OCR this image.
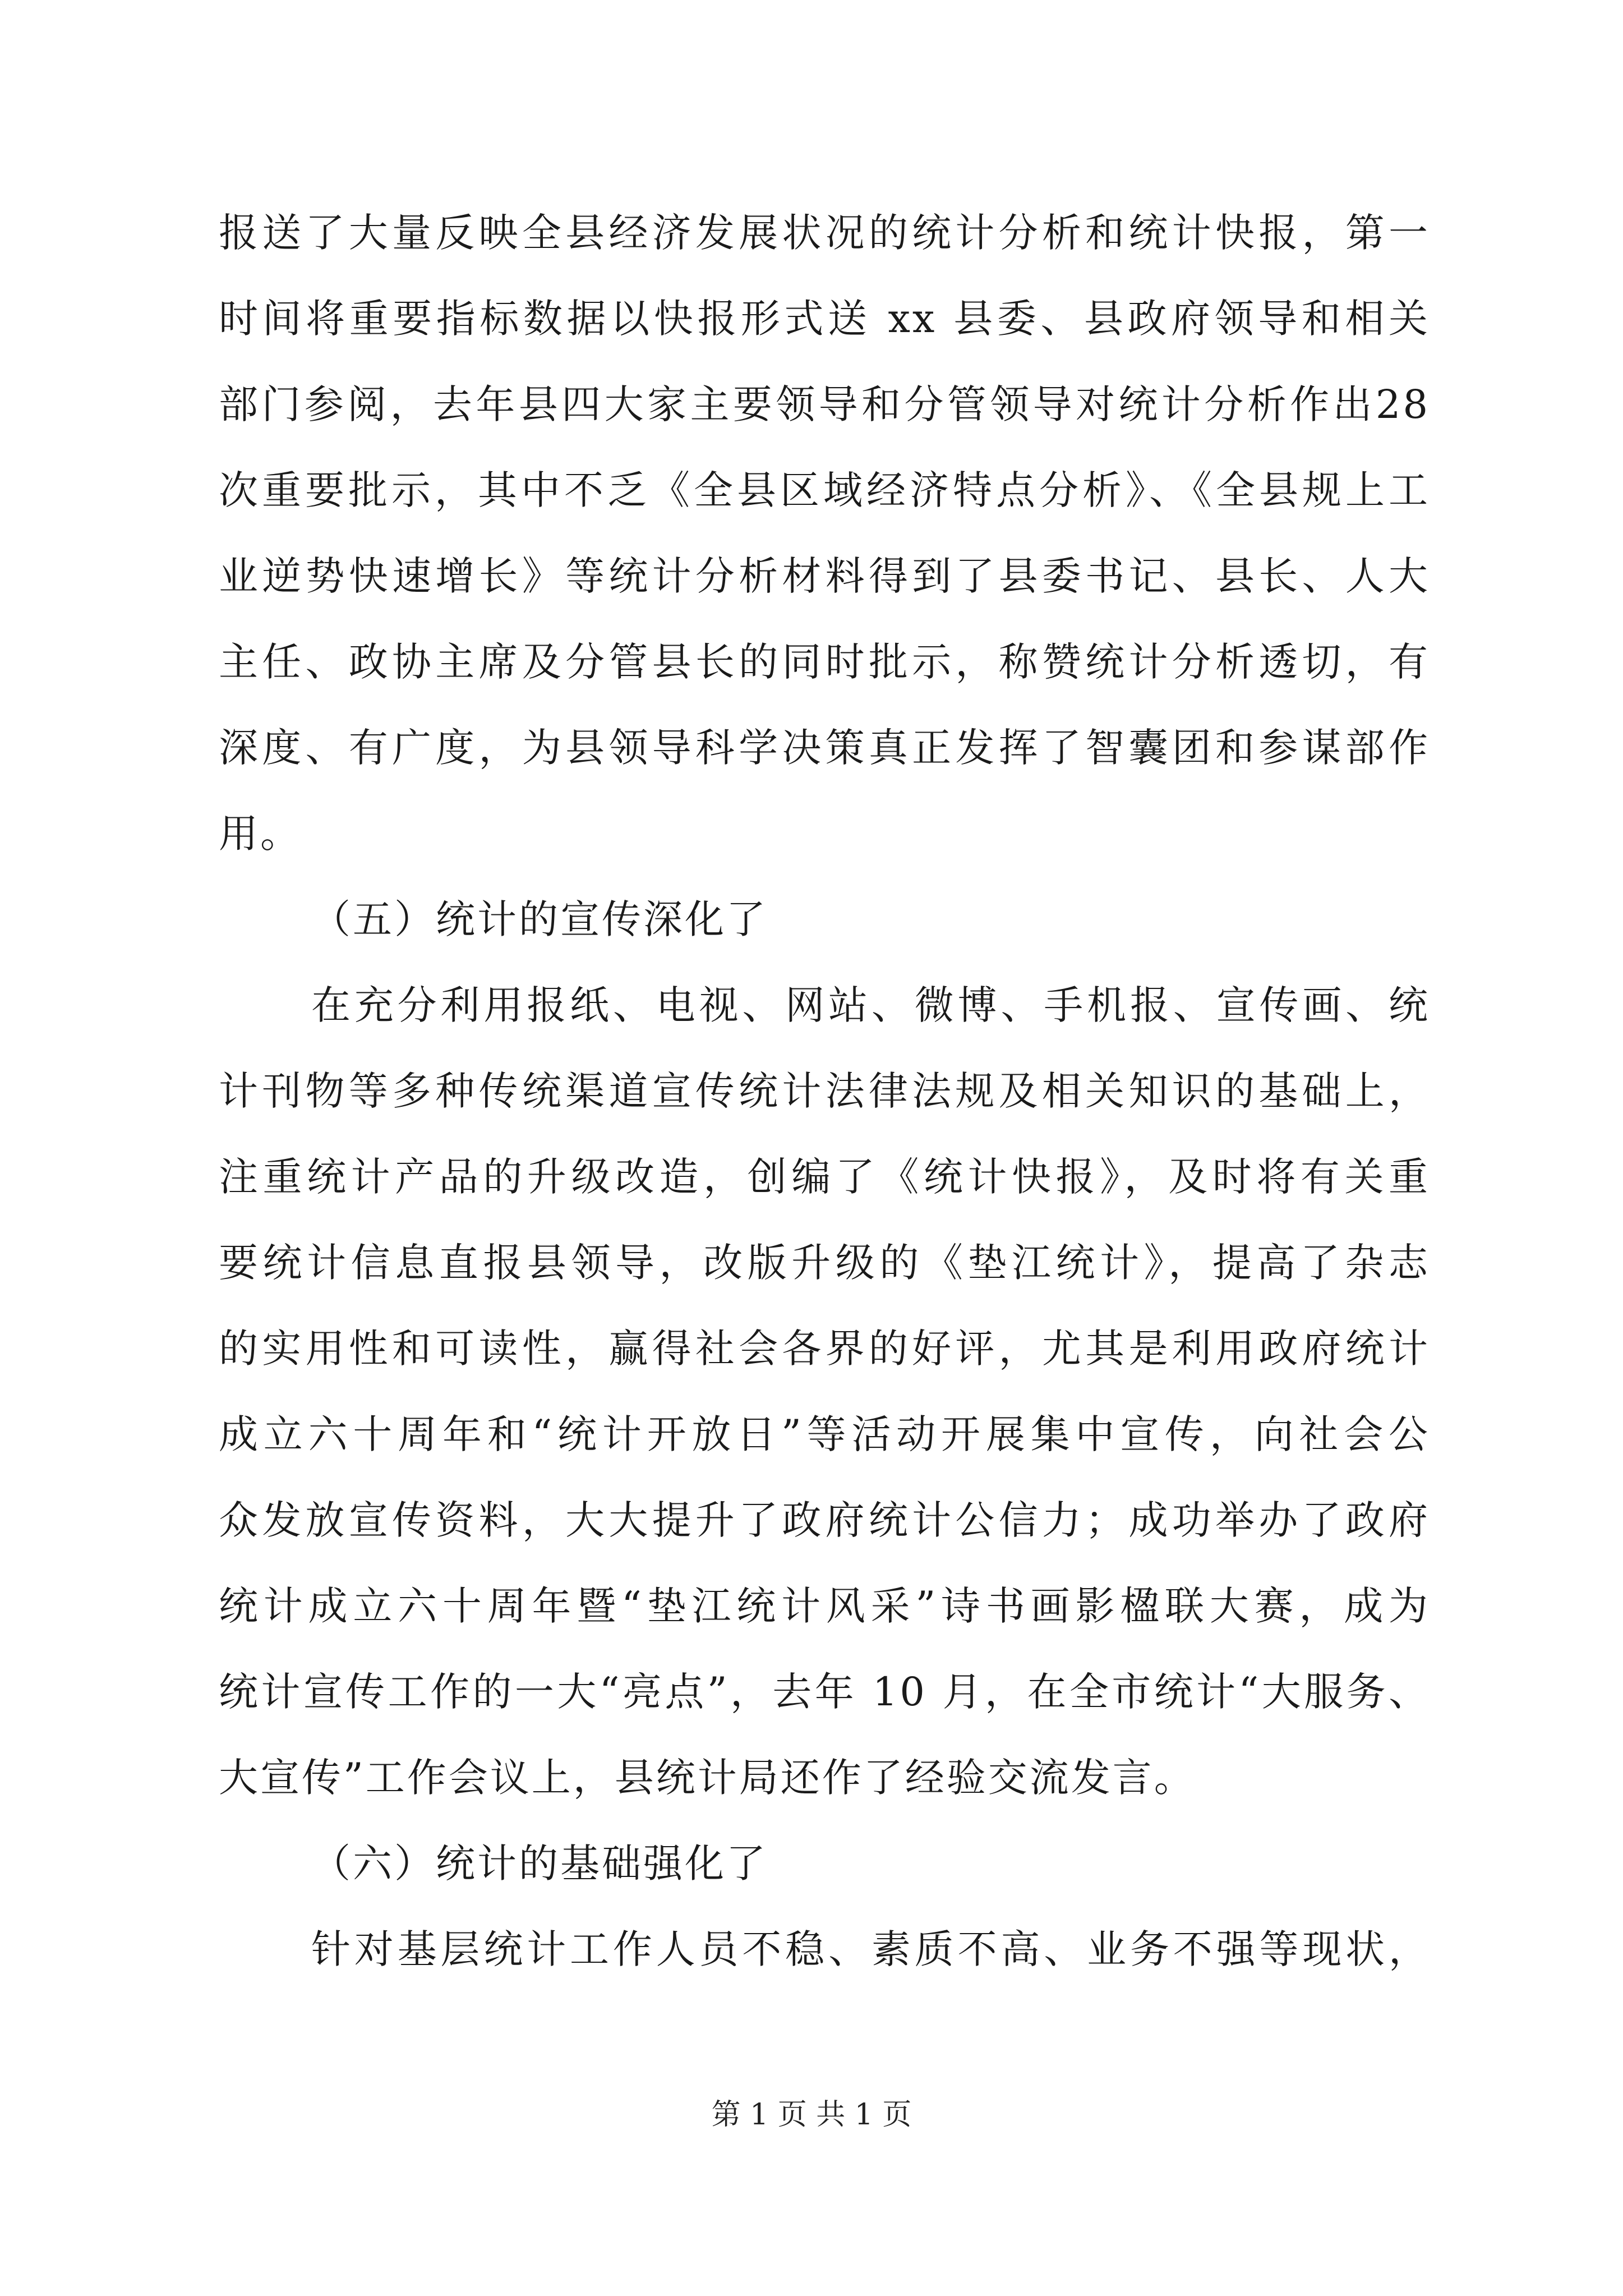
报送了大量反映全县经济发展状况的统计分析和统计快报，第一
时间将重要指标数据以快报形式送 xx 县委、县政府领导和相关
部门参阅，去年县四大家主要领导和分管领导对统计分析作出28
次重要批示，其中不乏《全县区域经济特点分析》、《全县规上工
业逆势快速增长》等统计分析材料得到了县委书记、县长、人大
主任、政协主席及分管县长的同时批示，称赞统计分析透切，有
深度、有广度，为县领导科学决策真正发挥了智囊团和参谋部作
用。
（五）统计的宣传深化了
在充分利用报纸、电视、网站、微博、手机报、宣传画、统
计刊物等多种传统渠道宣传统计法律法规及相关知识的基础上，
注重统计产品的升级改造，创编了《统计快报》，及时将有关重
要统计信息直报县领导，改版升级的《垫江统计》，提高了杂志
的实用性和可读性，赢得社会各界的好评，尤其是利用政府统计
成立六十周年和“统计开放日”等活动开展集中宣传，向社会公
众发放宣传资料，大大提升了政府统计公信力；成功举办了政府
统计成立六十周年暨“垫江统计风采”诗书画影楹联大赛，成为
统计宣传工作的一大“亮点”，去年 10 月，在全市统计“大服务、
大宣传”工作会议上，县统计局还作了经验交流发言。
（六）统计的基础强化了
针对基层统计工作人员不稳、素质不高、业务不强等现状，
第 1 页 共 1 页
